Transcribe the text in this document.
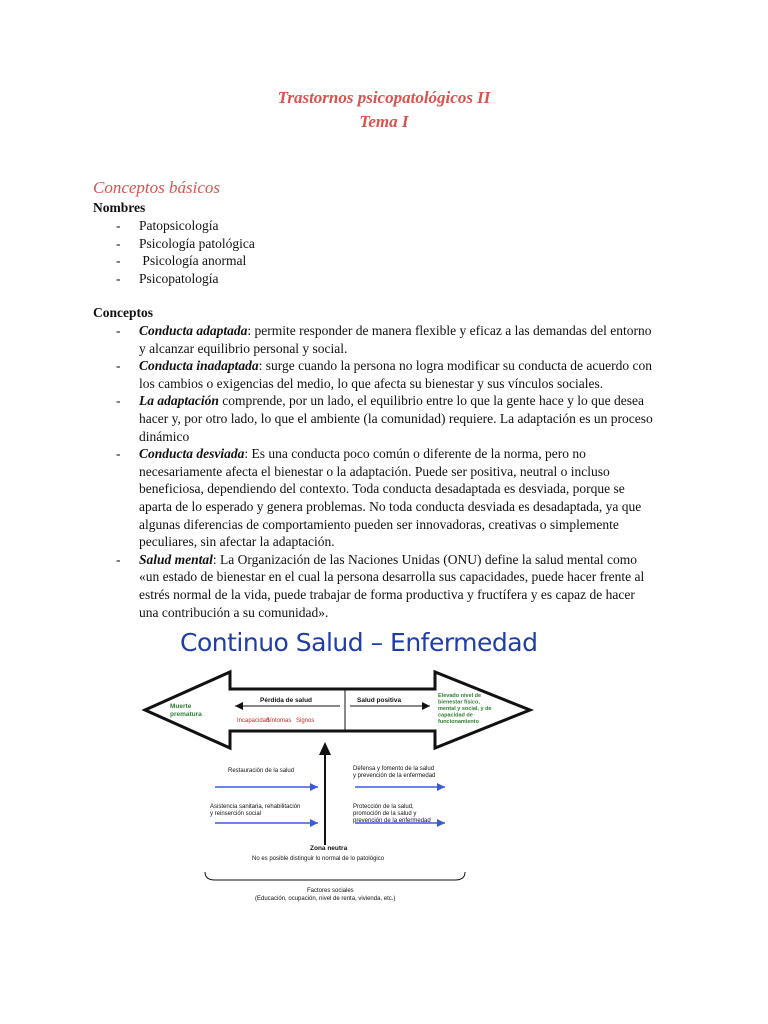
Trastornos psicopatológicos II
Tema I
Conceptos básicos
Nombres
- Patopsicología
- Psicología patológica
- Psicología anormal
- Psicopatología
Conceptos
- Conducta adaptada: permite responder de manera flexible y eficaz a las demandas del entorno y alcanzar equilibrio personal y social.
- Conducta inadaptada: surge cuando la persona no logra modificar su conducta de acuerdo con los cambios o exigencias del medio, lo que afecta su bienestar y sus vínculos sociales.
- La adaptación comprende, por un lado, el equilibrio entre lo que la gente hace y lo que desea hacer y, por otro lado, lo que el ambiente (la comunidad) requiere. La adaptación es un proceso dinámico
- Conducta desviada: Es una conducta poco común o diferente de la norma, pero no necesariamente afecta el bienestar o la adaptación. Puede ser positiva, neutral o incluso beneficiosa, dependiendo del contexto. Toda conducta desadaptada es desviada, porque se aparta de lo esperado y genera problemas. No toda conducta desviada es desadaptada, ya que algunas diferencias de comportamiento pueden ser innovadoras, creativas o simplemente peculiares, sin afectar la adaptación.
- Salud mental: La Organización de las Naciones Unidas (ONU) define la salud mental como «un estado de bienestar en el cual la persona desarrolla sus capacidades, puede hacer frente al estrés normal de la vida, puede trabajar de forma productiva y fructífera y es capaz de hacer una contribución a su comunidad».
Continuo Salud – Enfermedad
Muerte prematura
Pérdida de salud
Incapacidad
Síntomas Signos
Salud positiva
Elevado nivel de bienestar físico, mental y social, y de capacidad de funcionamiento
Restauración de la salud	Defensa y fomento de la salud y prevención de la enfermedad
Asistencia sanitaria, rehabilitación y reinserción social
Protección de la salud, promoción de la salud y prevención de la enfermedad
Zona neutra
No es posible distinguir lo normal de lo patológico
Factores sociales
(Educación, ocupación, nivel de renta, vivienda, etc.)
